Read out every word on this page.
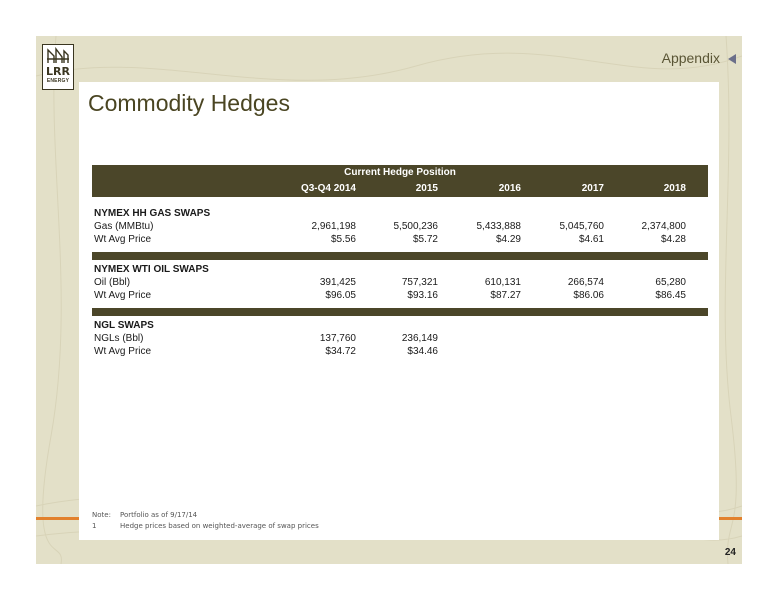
LRR
ENERGY
Appendix
Commodity Hedges
Current Hedge Position
Q3-Q4 2014	2015	2016	2017	2018
NYMEX HH GAS SWAPS
Gas (MMBtu)	2,961,198	5,500,236	5,433,888	5,045,760	2,374,800
Wt Avg Price	$5.56	$5.72	$4.29	$4.61	$4.28
NYMEX WTI OIL SWAPS
Oil (Bbl)	391,425	757,321	610,131	266,574	65,280
Wt Avg Price	$96.05	$93.16	$87.27	$86.06	$86.45
NGL SWAPS
NGLs (Bbl)	137,760	236,149
Wt Avg Price	$34.72	$34.46
Note: Portfolio as of 9/17/14
1	Hedge prices based on weighted-average of swap prices
24
